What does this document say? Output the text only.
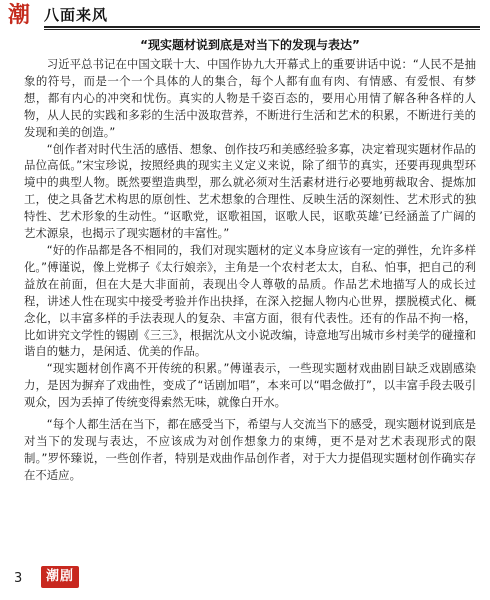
潮 八面来风
“现实题材说到底是对当下的发现与表达”

习近平总书记在中国文联十大、中国作协九大开幕式上的重要讲话中说：“人民不是抽象的符号，而是一个一个具体的人的集合，每个人都有血有肉、有情感、有爱恨、有梦想，都有内心的冲突和忧伤。真实的人物是千姿百态的，要用心用情了解各种各样的人物，从人民的实践和多彩的生活中汲取营养，不断进行生活和艺术的积累，不断进行美的发现和美的创造。”

“创作者对时代生活的感悟、想象、创作技巧和美感经验多寡，决定着现实题材作品的品位高低。”宋宝珍说，按照经典的现实主义定义来说，除了细节的真实，还要再现典型环境中的典型人物。既然要塑造典型，那么就必须对生活素材进行必要地剪裁取舍、提炼加工，使之具备艺术构思的原创性、艺术想象的合理性、反映生活的深刻性、艺术形式的独特性、艺术形象的生动性。“讴歌党，讴歌祖国，讴歌人民，讴歌英雄’已经涵盖了广阔的艺术源泉，也揭示了现实题材的丰富性。”

“好的作品都是各不相同的，我们对现实题材的定义本身应该有一定的弹性，允许多样化。”傅谨说，像上党梆子《太行娘亲》，主角是一个农村老太太，自私、怕事，把自己的利益放在前面，但在大是大非面前，表现出令人尊敬的品质。作品艺术地描写人的成长过程，讲述人性在现实中接受考验并作出抉择，在深入挖掘人物内心世界，摆脱模式化、概念化，以丰富多样的手法表现人的复杂、丰富方面，很有代表性。还有的作品不拘一格，比如讲究文学性的锡剧《三三》，根据沈从文小说改编，诗意地写出城市乡村美学的碰撞和谐自的魅力，是闲适、优美的作品。

“现实题材创作离不开传统的积累。”傅谨表示，一些现实题材戏曲剧目缺乏戏剧感染力，是因为摒弃了戏曲性，变成了“话剧加唱”，本来可以“唱念做打”，以丰富手段去吸引观众，因为丢掉了传统变得索然无味，就像白开水。

“每个人都生活在当下，都在感受当下，希望与人交流当下的感受，现实题材说到底是对当下的发现与表达，不应该成为对创作想象力的束缚，更不是对艺术表现形式的限制。”罗怀臻说，一些创作者，特别是戏曲作品创作者，对于大力提倡现实题材创作确实存在不适应。

3	潮剧
